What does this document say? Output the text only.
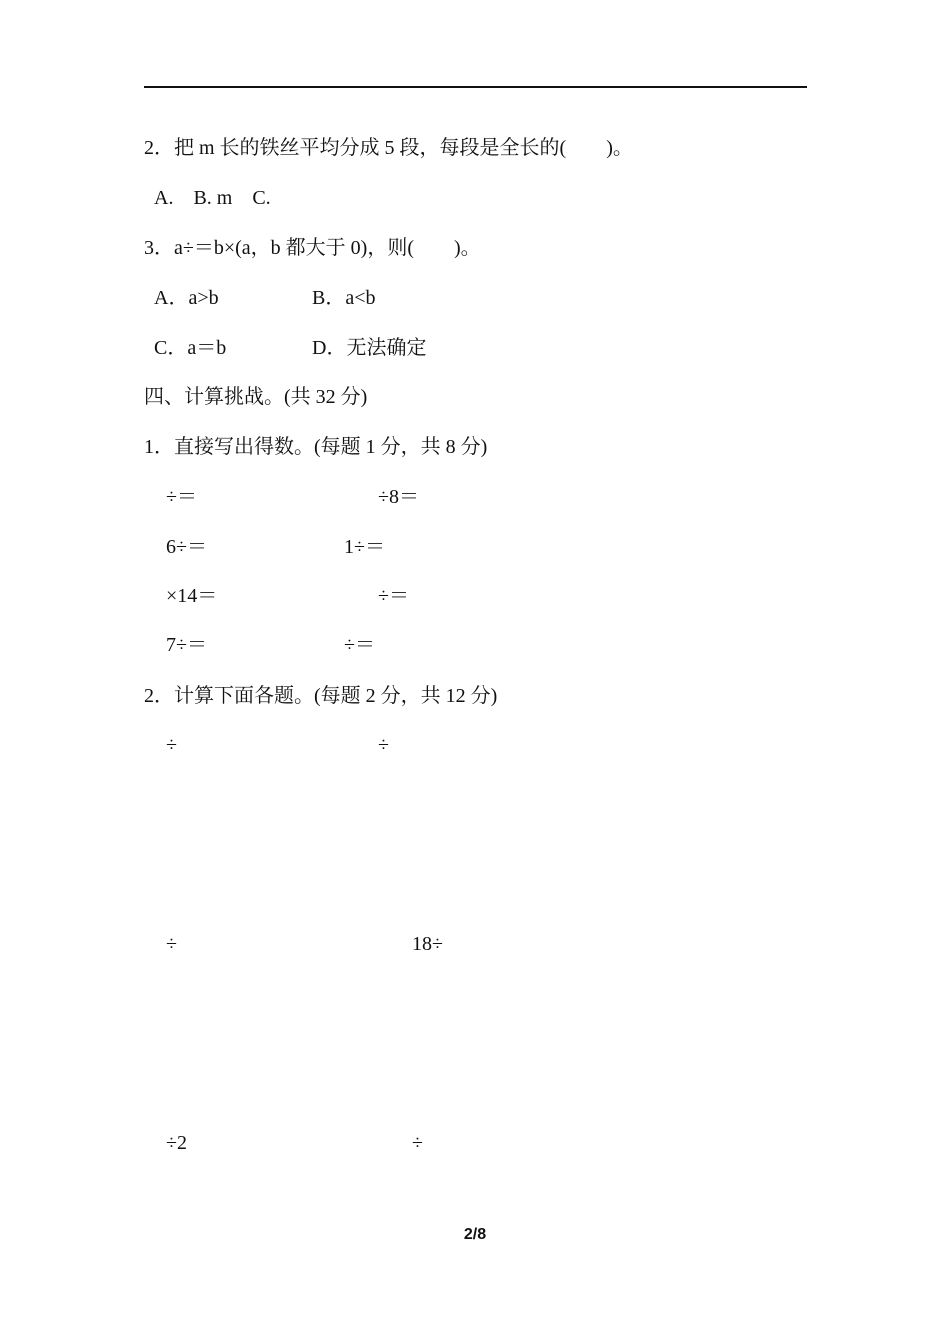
2．把 m 长的铁丝平均分成 5 段，每段是全长的(　　)。
A.　B. m　C.
3．a÷＝b×(a，b 都大于 0)，则(　　)。
A．a>b	B．a<b
C．a＝b	D．无法确定
四、计算挑战。(共 32 分)
1．直接写出得数。(每题 1 分，共 8 分)
÷＝	÷8＝
6÷＝	1÷＝
×14＝	÷＝
7÷＝	÷＝
2．计算下面各题。(每题 2 分，共 12 分)
÷	÷
÷	18÷
÷2	÷
2/8
